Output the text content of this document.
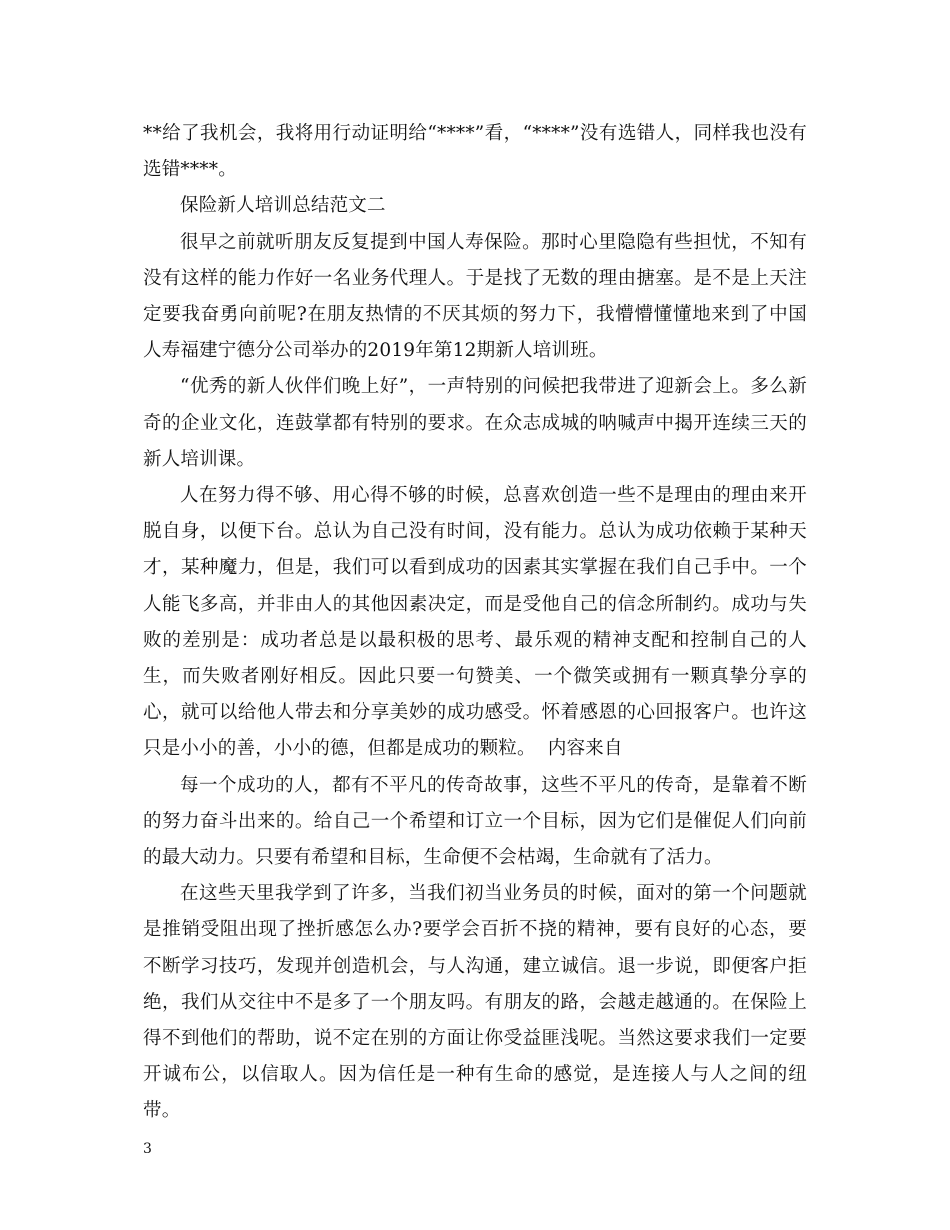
**给了我机会，我将用行动证明给“****”看，“****”没有选错人，同样我也没有选错****。

保险新人培训总结范文二

很早之前就听朋友反复提到中国人寿保险。那时心里隐隐有些担忧，不知有没有这样的能力作好一名业务代理人。于是找了无数的理由搪塞。是不是上天注定要我奋勇向前呢?在朋友热情的不厌其烦的努力下，我懵懵懂懂地来到了中国人寿福建宁德分公司举办的2019年第12期新人培训班。

“优秀的新人伙伴们晚上好”，一声特别的问候把我带进了迎新会上。多么新奇的企业文化，连鼓掌都有特别的要求。在众志成城的呐喊声中揭开连续三天的新人培训课。

人在努力得不够、用心得不够的时候，总喜欢创造一些不是理由的理由来开脱自身，以便下台。总认为自己没有时间，没有能力。总认为成功依赖于某种天才，某种魔力，但是，我们可以看到成功的因素其实掌握在我们自己手中。一个人能飞多高，并非由人的其他因素决定，而是受他自己的信念所制约。成功与失败的差别是：成功者总是以最积极的思考、最乐观的精神支配和控制自己的人生，而失败者刚好相反。因此只要一句赞美、一个微笑或拥有一颗真挚分享的心，就可以给他人带去和分享美妙的成功感受。怀着感恩的心回报客户。也许这只是小小的善，小小的德，但都是成功的颗粒。  内容来自

每一个成功的人，都有不平凡的传奇故事，这些不平凡的传奇，是靠着不断的努力奋斗出来的。给自己一个希望和订立一个目标，因为它们是催促人们向前的最大动力。只要有希望和目标，生命便不会枯竭，生命就有了活力。

在这些天里我学到了许多，当我们初当业务员的时候，面对的第一个问题就是推销受阻出现了挫折感怎么办?要学会百折不挠的精神，要有良好的心态，要不断学习技巧，发现并创造机会，与人沟通，建立诚信。退一步说，即便客户拒绝，我们从交往中不是多了一个朋友吗。有朋友的路，会越走越通的。在保险上得不到他们的帮助，说不定在别的方面让你受益匪浅呢。当然这要求我们一定要开诚布公，以信取人。因为信任是一种有生命的感觉，是连接人与人之间的纽带。

3
